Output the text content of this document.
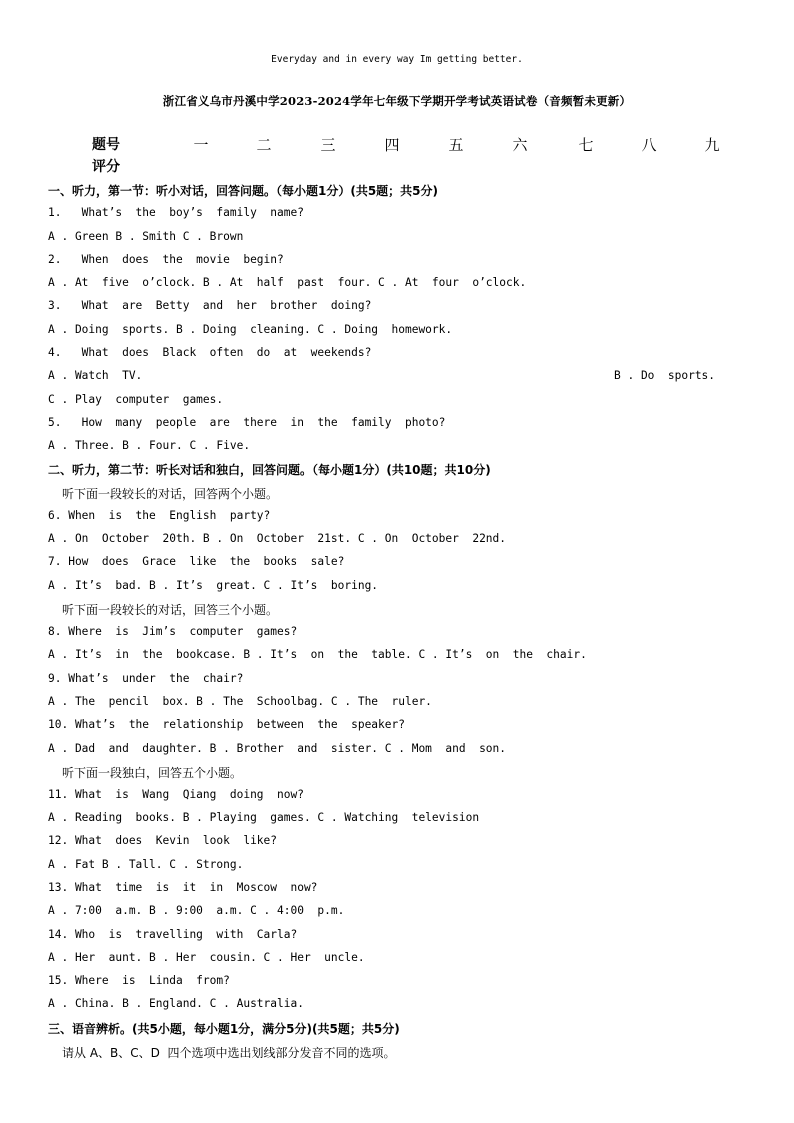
Everyday and in every way Im getting better.
浙江省义乌市丹溪中学2023-2024学年七年级下学期开学考试英语试卷（音频暂未更新）
题号	一	二	三	四	五	六	七	八	九
评分
一、听力，第一节：听小对话，回答问题。（每小题1分）(共5题；共5分)
1.   What’s  the  boy’s  family  name?
A . Green B . Smith C . Brown
2.   When  does  the  movie  begin?
A . At  five  o’clock. B . At  half  past  four. C . At  four  o’clock.
3.   What  are  Betty  and  her  brother  doing?
A . Doing  sports. B . Doing  cleaning. C . Doing  homework.
4.   What  does  Black  often  do  at  weekends?
A . Watch  TV.	B . Do  sports.
C . Play  computer  games.
5.   How  many  people  are  there  in  the  family  photo?
A . Three. B . Four. C . Five.
二、听力，第二节：听长对话和独白，回答问题。（每小题1分）(共10题；共10分)
听下面一段较长的对话，回答两个小题。
6. When  is  the  English  party?
A . On  October  20th. B . On  October  21st. C . On  October  22nd.
7. How  does  Grace  like  the  books  sale?
A . It’s  bad. B . It’s  great. C . It’s  boring.
听下面一段较长的对话，回答三个小题。
8. Where  is  Jim’s  computer  games?
A . It’s  in  the  bookcase. B . It’s  on  the  table. C . It’s  on  the  chair.
9. What’s  under  the  chair?
A . The  pencil  box. B . The  Schoolbag. C . The  ruler.
10. What’s  the  relationship  between  the  speaker?
A . Dad  and  daughter. B . Brother  and  sister. C . Mom  and  son.
听下面一段独白，回答五个小题。
11. What  is  Wang  Qiang  doing  now?
A . Reading  books. B . Playing  games. C . Watching  television
12. What  does  Kevin  look  like?
A . Fat B . Tall. C . Strong.
13. What  time  is  it  in  Moscow  now?
A . 7:00  a.m. B . 9:00  a.m. C . 4:00  p.m.
14. Who  is  travelling  with  Carla?
A . Her  aunt. B . Her  cousin. C . Her  uncle.
15. Where  is  Linda  from?
A . China. B . England. C . Australia.
三、语音辨析。(共5小题，每小题1分，满分5分)(共5题；共5分)
请从 A、B、C、D  四个选项中选出划线部分发音不同的选项。
